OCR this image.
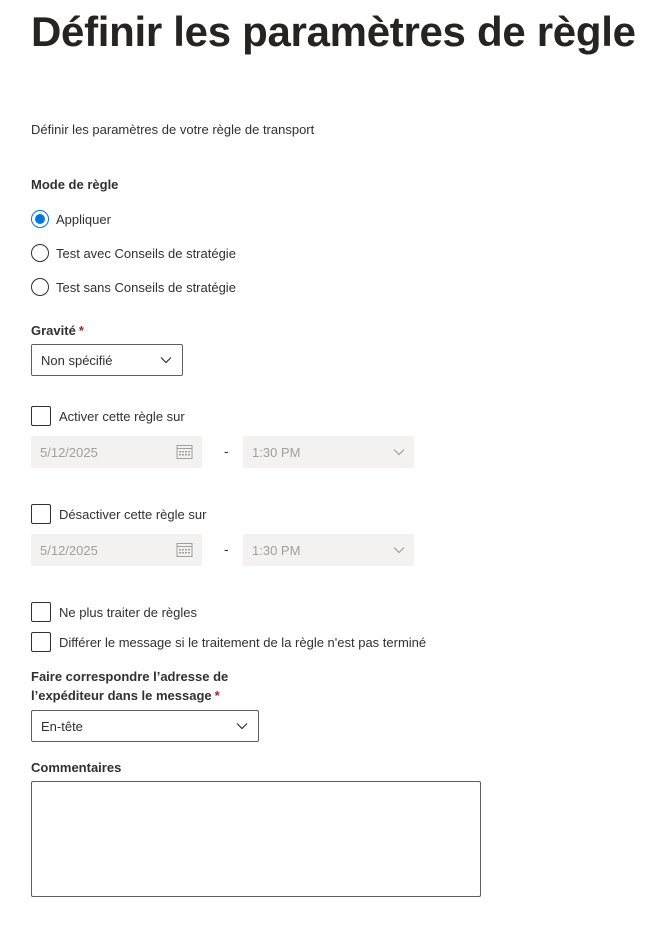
Définir les paramètres de règle
Définir les paramètres de votre règle de transport
Mode de règle
Appliquer
Test avec Conseils de stratégie
Test sans Conseils de stratégie
Gravité *
Non spécifié
Activer cette règle sur
5/12/2025	- 1:30 PM
Désactiver cette règle sur
5/12/2025	- 1:30 PM
Ne plus traiter de règles
Différer le message si le traitement de la règle n'est pas terminé
Faire correspondre l’adresse de
l’expéditeur dans le message *
En-tête
Commentaires
